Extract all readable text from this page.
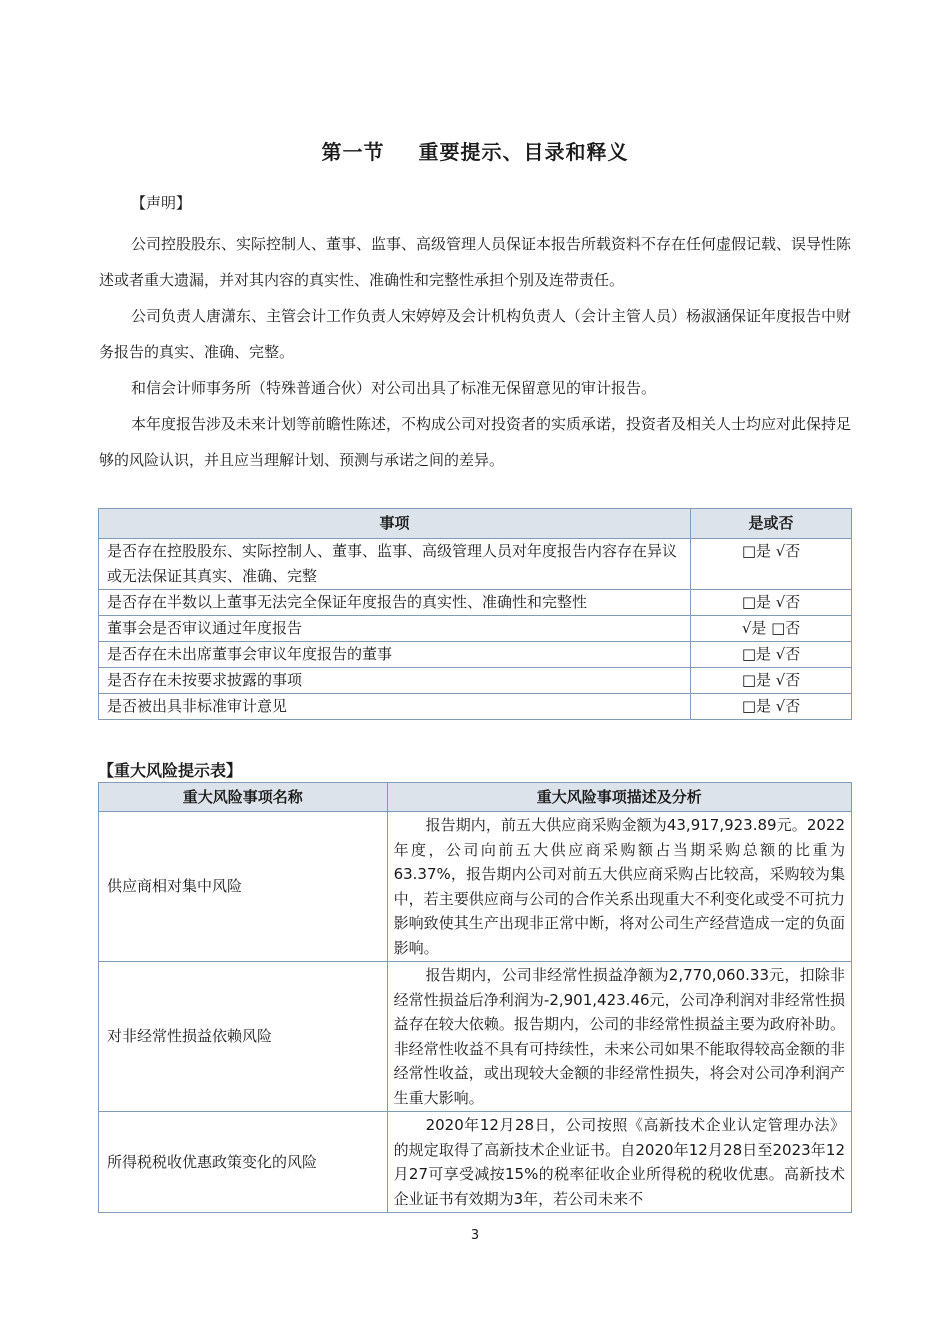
第一节 重要提示、目录和释义
【声明】

公司控股股东、实际控制人、董事、监事、高级管理人员保证本报告所载资料不存在任何虚假记载、误导性陈述或者重大遗漏，并对其内容的真实性、准确性和完整性承担个别及连带责任。

公司负责人唐潇东、主管会计工作负责人宋婷婷及会计机构负责人（会计主管人员）杨淑涵保证年度报告中财务报告的真实、准确、完整。

和信会计师事务所（特殊普通合伙）对公司出具了标准无保留意见的审计报告。

本年度报告涉及未来计划等前瞻性陈述，不构成公司对投资者的实质承诺，投资者及相关人士均应对此保持足够的风险认识，并且应当理解计划、预测与承诺之间的差异。

事项	是或否
是否存在控股股东、实际控制人、董事、监事、高级管理人员对年度报告内容存在异议或无法保证其真实、准确、完整	□是 √否
是否存在半数以上董事无法完全保证年度报告的真实性、准确性和完整性	□是 √否
董事会是否审议通过年度报告	√是 □否
是否存在未出席董事会审议年度报告的董事	□是 √否
是否存在未按要求披露的事项	□是 √否
是否被出具非标准审计意见	□是 √否
【重大风险提示表】
重大风险事项名称	重大风险事项描述及分析
供应商相对集中风险	报告期内，前五大供应商采购金额为43,917,923.89元。2022年度，公司向前五大供应商采购额占当期采购总额的比重为63.37%，报告期内公司对前五大供应商采购占比较高，采购较为集中，若主要供应商与公司的合作关系出现重大不利变化或受不可抗力影响致使其生产出现非正常中断，将对公司生产经营造成一定的负面影响。
对非经常性损益依赖风险	报告期内，公司非经常性损益净额为2,770,060.33元，扣除非经常性损益后净利润为-2,901,423.46元，公司净利润对非经常性损益存在较大依赖。报告期内，公司的非经常性损益主要为政府补助。非经常性收益不具有可持续性，未来公司如果不能取得较高金额的非经常性收益，或出现较大金额的非经常性损失，将会对公司净利润产生重大影响。
所得税税收优惠政策变化的风险	2020年12月28日，公司按照《高新技术企业认定管理办法》的规定取得了高新技术企业证书。自2020年12月28日至2023年12月27可享受减按15%的税率征收企业所得税的税收优惠。高新技术企业证书有效期为3年，若公司未来不
3
